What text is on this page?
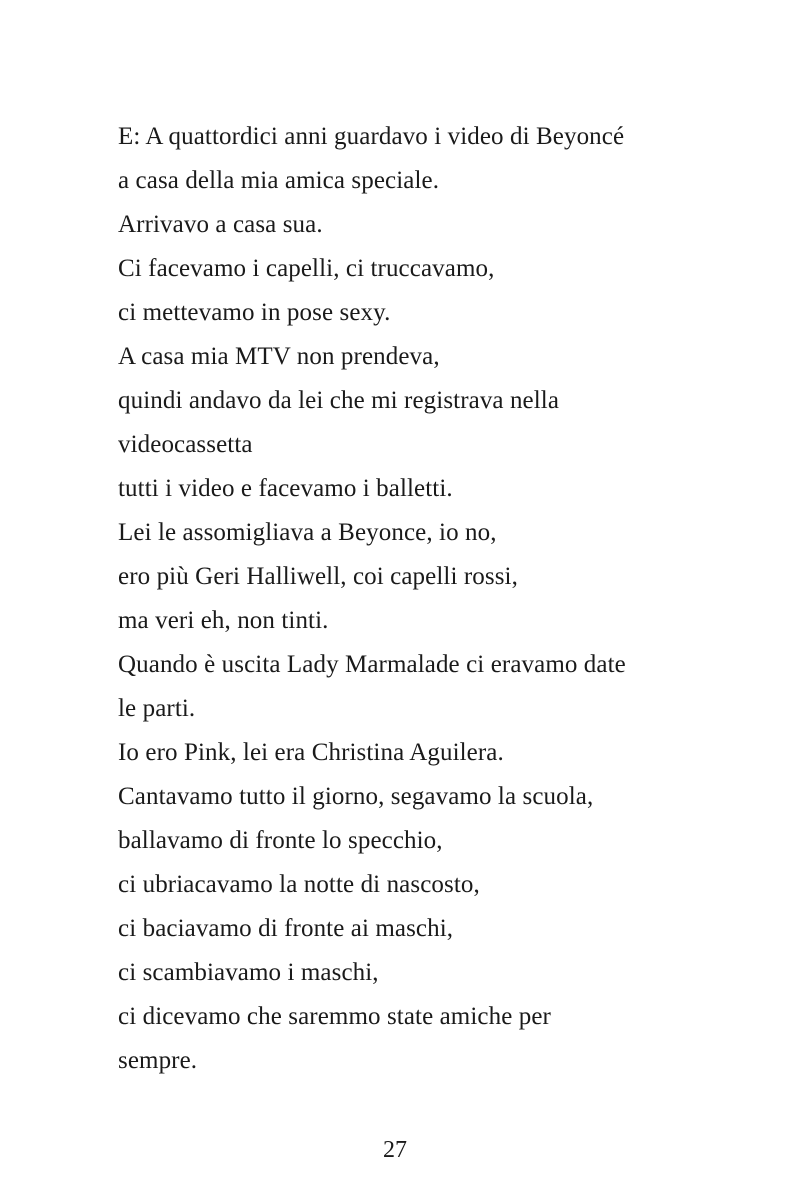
E: A quattordici anni guardavo i video di Beyoncé
a casa della mia amica speciale.
Arrivavo a casa sua.
Ci facevamo i capelli, ci truccavamo,
ci mettevamo in pose sexy.
A casa mia MTV non prendeva,
quindi andavo da lei che mi registrava nella
videocassetta
tutti i video e facevamo i balletti.
Lei le assomigliava a Beyonce, io no,
ero più Geri Halliwell, coi capelli rossi,
ma veri eh, non tinti.
Quando è uscita Lady Marmalade ci eravamo date
le parti.
Io ero Pink, lei era Christina Aguilera.
Cantavamo tutto il giorno, segavamo la scuola,
ballavamo di fronte lo specchio,
ci ubriacavamo la notte di nascosto,
ci baciavamo di fronte ai maschi,
ci scambiavamo i maschi,
ci dicevamo che saremmo state amiche per
sempre.
27
